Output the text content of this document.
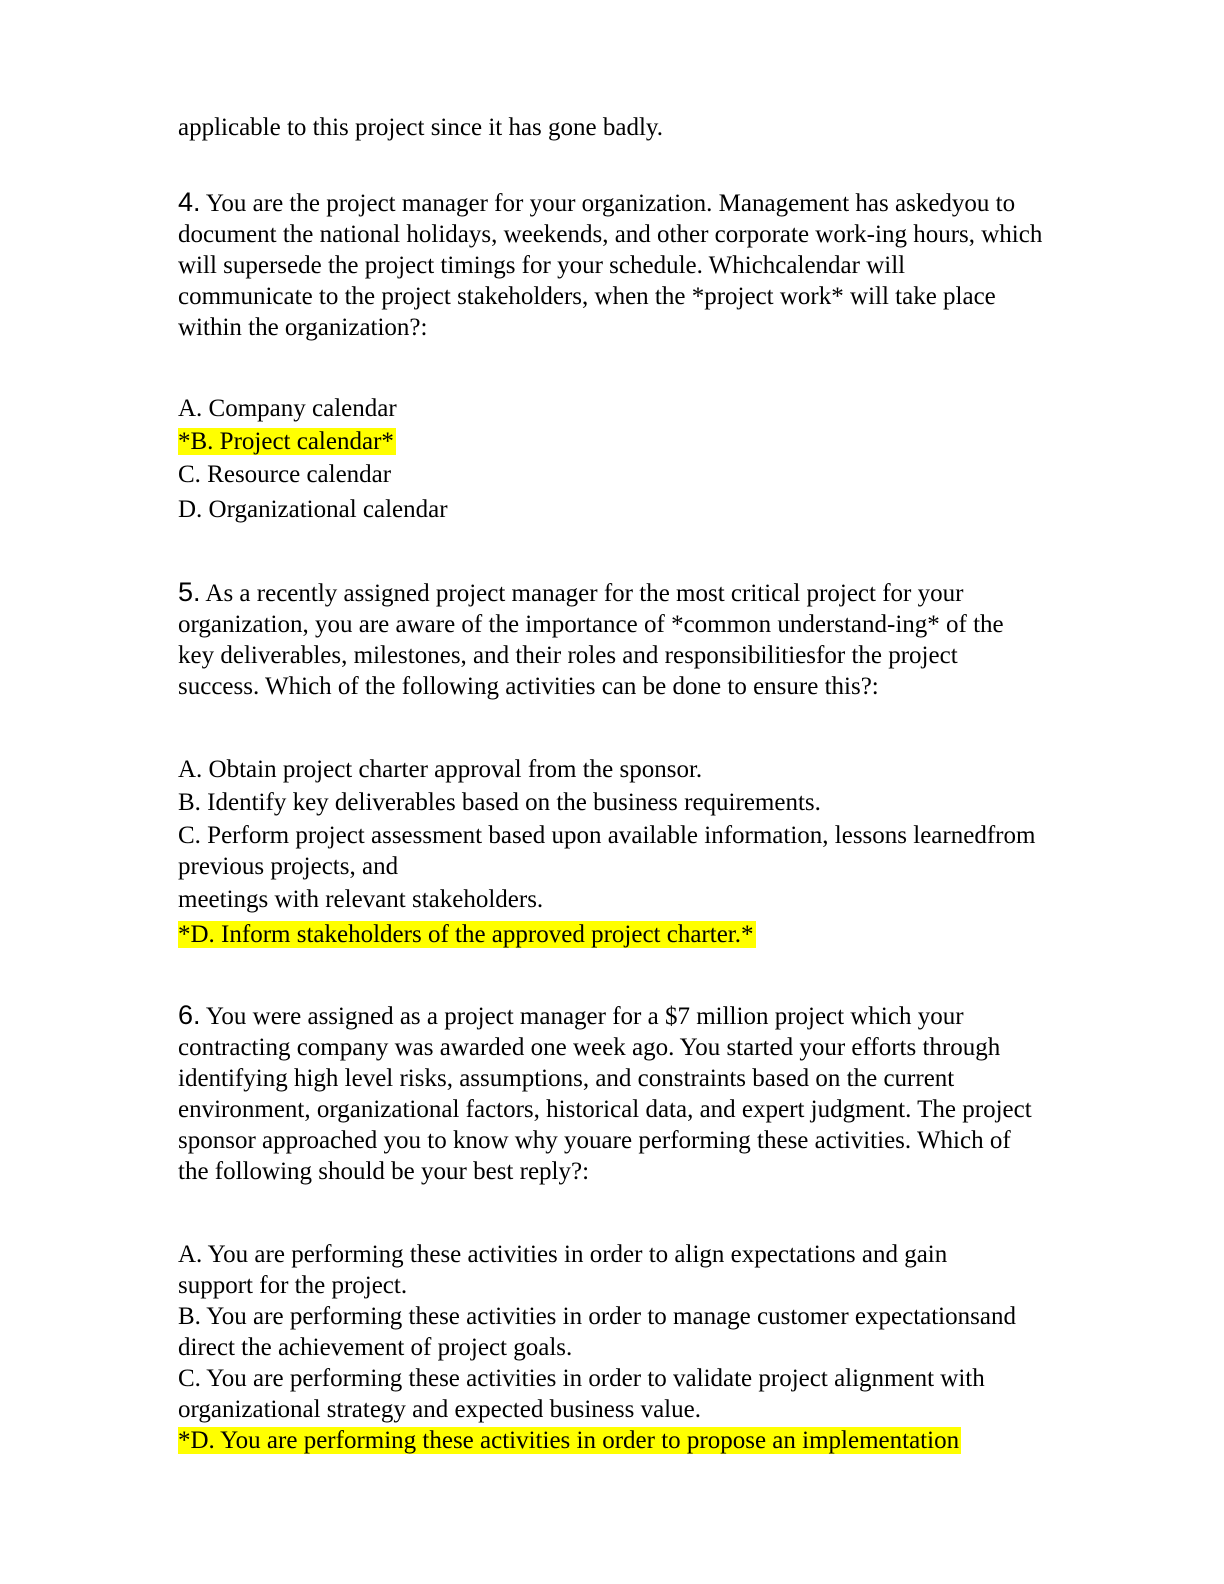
applicable to this project since it has gone badly.
4. You are the project manager for your organization. Management has askedyou to
document the national holidays, weekends, and other corporate work-ing hours, which
will supersede the project timings for your schedule. Whichcalendar will
communicate to the project stakeholders, when the *project work* will take place
within the organization?:
A. Company calendar
*B. Project calendar*
C. Resource calendar
D. Organizational calendar
5. As a recently assigned project manager for the most critical project for your
organization, you are aware of the importance of *common understand-ing* of the
key deliverables, milestones, and their roles and responsibilitiesfor the project
success. Which of the following activities can be done to ensure this?:
A. Obtain project charter approval from the sponsor.
B. Identify key deliverables based on the business requirements.
C. Perform project assessment based upon available information, lessons learnedfrom
previous projects, and
meetings with relevant stakeholders.
*D. Inform stakeholders of the approved project charter.*
6. You were assigned as a project manager for a $7 million project which your
contracting company was awarded one week ago. You started your efforts through
identifying high level risks, assumptions, and constraints based on the current
environment, organizational factors, historical data, and expert judgment. The project
sponsor approached you to know why youare performing these activities. Which of
the following should be your best reply?:
A. You are performing these activities in order to align expectations and gain
support for the project.
B. You are performing these activities in order to manage customer expectationsand
direct the achievement of project goals.
C. You are performing these activities in order to validate project alignment with
organizational strategy and expected business value.
*D. You are performing these activities in order to propose an implementation
